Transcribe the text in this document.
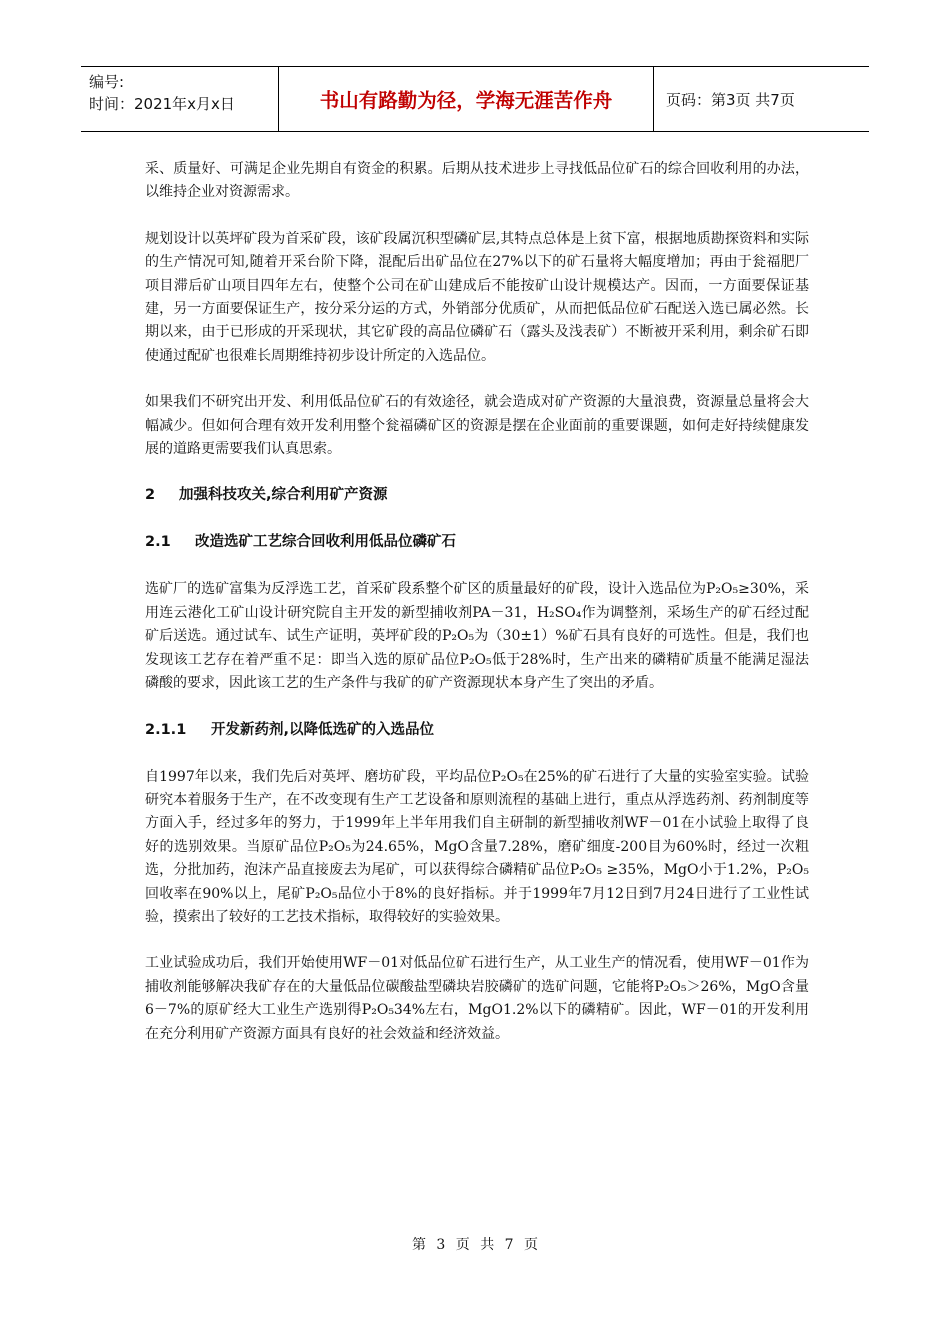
编号:
时间：2021年x月x日	书山有路勤为径，学海无涯苦作舟	页码：第3页 共7页

采、质量好、可满足企业先期自有资金的积累。后期从技术进步上寻找低品位矿石的综合回收利用的办法，以维持企业对资源需求。

规划设计以英坪矿段为首采矿段，该矿段属沉积型磷矿层,其特点总体是上贫下富，根据地质勘探资料和实际的生产情况可知,随着开采台阶下降，混配后出矿品位在27%以下的矿石量将大幅度增加；再由于瓮福肥厂项目滞后矿山项目四年左右，使整个公司在矿山建成后不能按矿山设计规模达产。因而，一方面要保证基建，另一方面要保证生产，按分采分运的方式，外销部分优质矿，从而把低品位矿石配送入选已属必然。长期以来，由于已形成的开采现状，其它矿段的高品位磷矿石（露头及浅表矿）不断被开采利用，剩余矿石即使通过配矿也很难长周期维持初步设计所定的入选品位。

如果我们不研究出开发、利用低品位矿石的有效途径，就会造成对矿产资源的大量浪费，资源量总量将会大幅减少。但如何合理有效开发利用整个瓮福磷矿区的资源是摆在企业面前的重要课题，如何走好持续健康发展的道路更需要我们认真思索。

2 加强科技攻关,综合利用矿产资源
2.1 改造选矿工艺综合回收利用低品位磷矿石

选矿厂的选矿富集为反浮选工艺，首采矿段系整个矿区的质量最好的矿段，设计入选品位为P₂O₅≥30%，采用连云港化工矿山设计研究院自主开发的新型捕收剂PA－31，H₂SO₄作为调整剂，采场生产的矿石经过配矿后送选。通过试车、试生产证明，英坪矿段的P₂O₅为（30±1）%矿石具有良好的可选性。但是，我们也发现该工艺存在着严重不足：即当入选的原矿品位P₂O₅低于28%时，生产出来的磷精矿质量不能满足湿法磷酸的要求，因此该工艺的生产条件与我矿的矿产资源现状本身产生了突出的矛盾。

2.1.1 开发新药剂,以降低选矿的入选品位

自1997年以来，我们先后对英坪、磨坊矿段，平均品位P₂O₅在25%的矿石进行了大量的实验室实验。试验研究本着服务于生产，在不改变现有生产工艺设备和原则流程的基础上进行，重点从浮选药剂、药剂制度等方面入手，经过多年的努力，于1999年上半年用我们自主研制的新型捕收剂WF－01在小试验上取得了良好的选别效果。当原矿品位P₂O₅为24.65%，MgO含量7.28%，磨矿细度-200目为60%时，经过一次粗选，分批加药，泡沫产品直接废去为尾矿，可以获得综合磷精矿品位P₂O₅ ≥35%，MgO小于1.2%，P₂O₅回收率在90%以上，尾矿P₂O₅品位小于8%的良好指标。并于1999年7月12日到7月24日进行了工业性试验，摸索出了较好的工艺技术指标，取得较好的实验效果。

工业试验成功后，我们开始使用WF－01对低品位矿石进行生产，从工业生产的情况看，使用WF－01作为捕收剂能够解决我矿存在的大量低品位碳酸盐型磷块岩胶磷矿的选矿问题，它能将P₂O₅＞26%，MgO含量6－7%的原矿经大工业生产选别得P₂O₅34%左右，MgO1.2%以下的磷精矿。因此，WF－01的开发利用在充分利用矿产资源方面具有良好的社会效益和经济效益。

第 3 页 共 7 页
